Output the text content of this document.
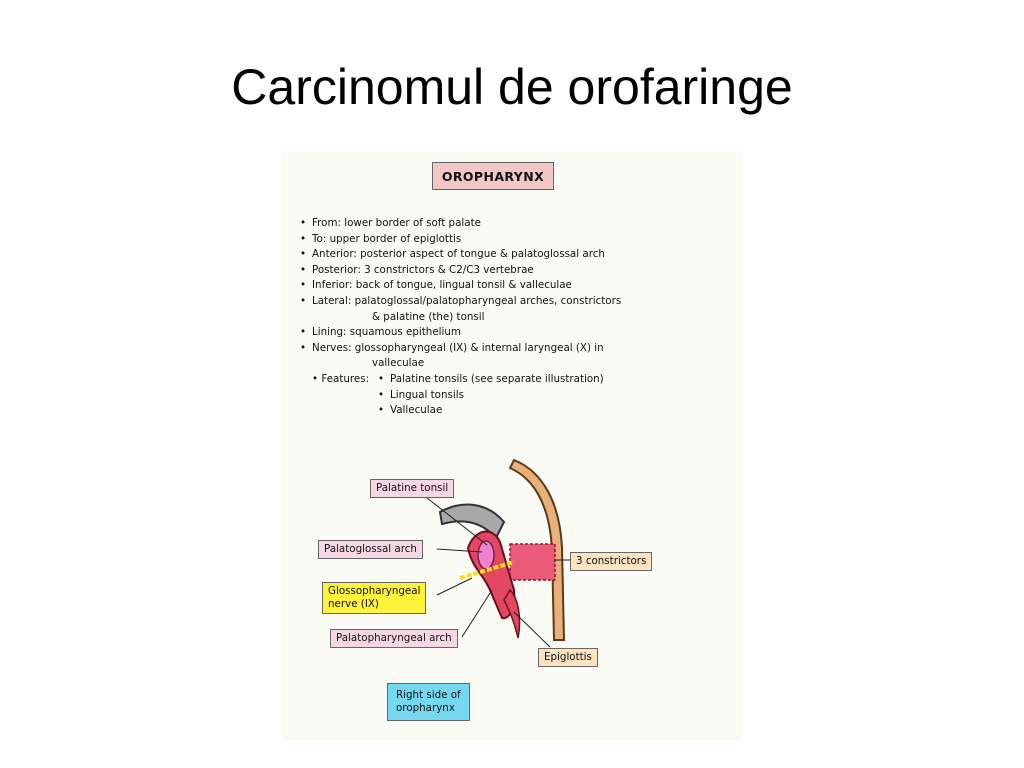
Carcinomul de orofaringe
OROPHARYNX
• From: lower border of soft palate
• To: upper border of epiglottis
• Anterior: posterior aspect of tongue & palatoglossal arch
• Posterior: 3 constrictors & C2/C3 vertebrae
• Inferior: back of tongue, lingual tonsil & valleculae
• Lateral: palatoglossal/palatopharyngeal arches, constrictors
& palatine (the) tonsil
• Lining: squamous epithelium
• Nerves: glossopharyngeal (IX) & internal laryngeal (X) in
valleculae
• Features: • Palatine tonsils (see separate illustration)
• Lingual tonsils
• Valleculae
Palatine tonsil
Palatoglossal arch
Glossopharyngeal
nerve (IX)
Palatopharyngeal arch
3 constrictors
Epiglottis
Right side of
oropharynx
